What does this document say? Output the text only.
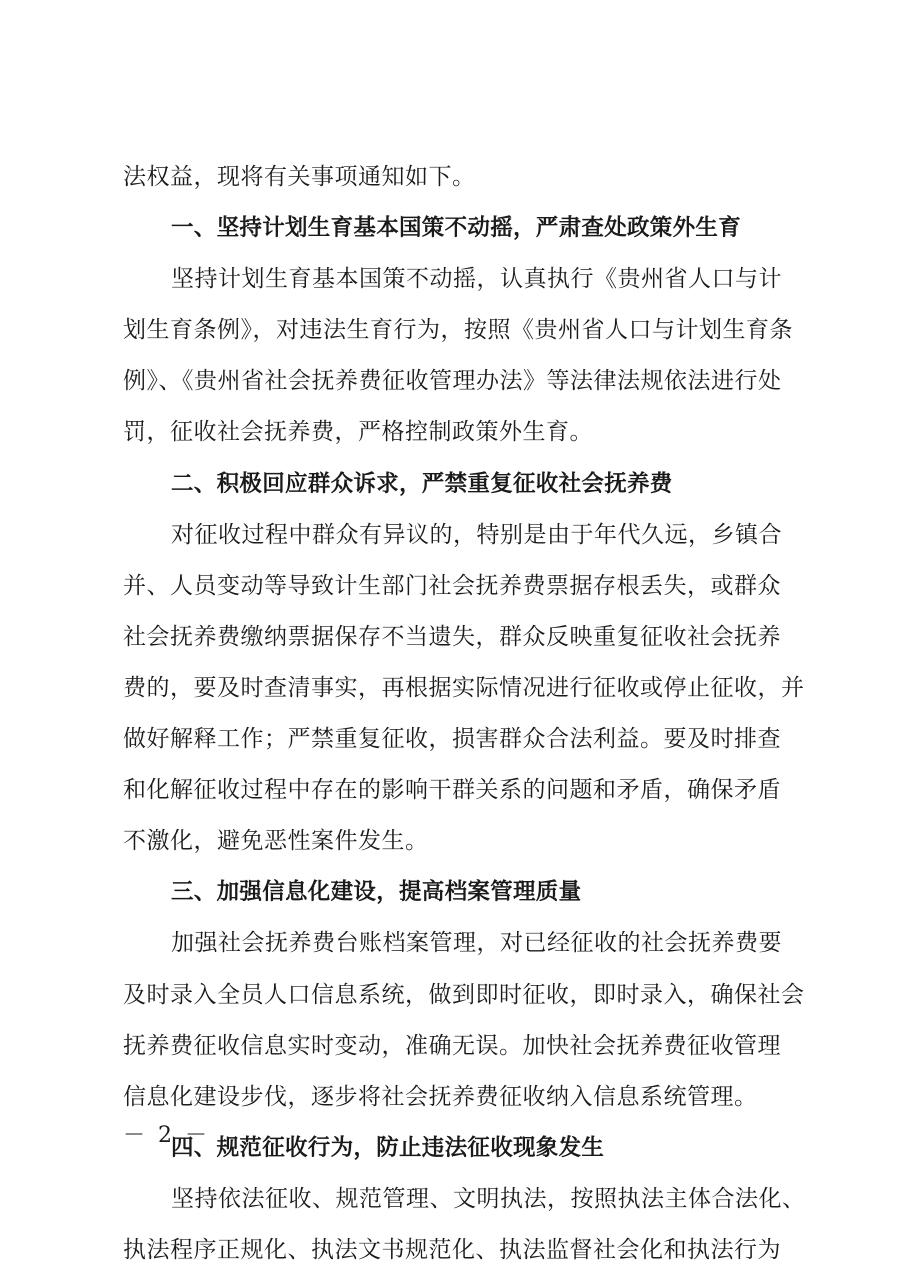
法权益，现将有关事项通知如下。
一、坚持计划生育基本国策不动摇，严肃查处政策外生育
坚持计划生育基本国策不动摇，认真执行《贵州省人口与计
划生育条例》，对违法生育行为，按照《贵州省人口与计划生育条
例》、《贵州省社会抚养费征收管理办法》等法律法规依法进行处
罚，征收社会抚养费，严格控制政策外生育。
二、积极回应群众诉求，严禁重复征收社会抚养费
对征收过程中群众有异议的，特别是由于年代久远，乡镇合
并、人员变动等导致计生部门社会抚养费票据存根丢失，或群众
社会抚养费缴纳票据保存不当遗失，群众反映重复征收社会抚养
费的，要及时查清事实，再根据实际情况进行征收或停止征收，并
做好解释工作；严禁重复征收，损害群众合法利益。要及时排查
和化解征收过程中存在的影响干群关系的问题和矛盾，确保矛盾
不激化，避免恶性案件发生。
三、加强信息化建设，提高档案管理质量
加强社会抚养费台账档案管理，对已经征收的社会抚养费要
及时录入全员人口信息系统，做到即时征收，即时录入，确保社会
抚养费征收信息实时变动，准确无误。加快社会抚养费征收管理
信息化建设步伐，逐步将社会抚养费征收纳入信息系统管理。
四、规范征收行为，防止违法征收现象发生
坚持依法征收、规范管理、文明执法，按照执法主体合法化、
执法程序正规化、执法文书规范化、执法监督社会化和执法行为
－ 2 －
